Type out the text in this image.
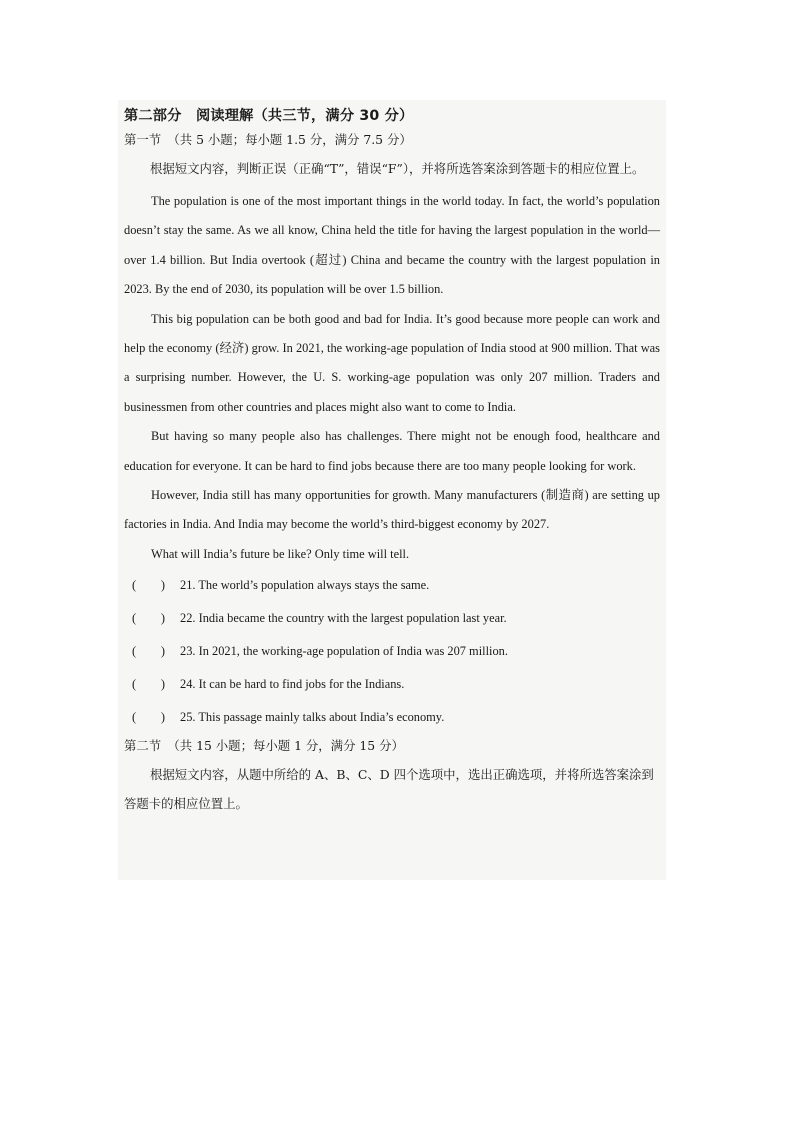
第二部分　阅读理解（共三节，满分 30 分）

第一节　（共 5 小题；每小题 1.5 分，满分 7.5 分）

根据短文内容，判断正误（正确“T”，错误“F”），并将所选答案涂到答题卡的相应位置上。

The population is one of the most important things in the world today. In fact, the world’s population doesn’t stay the same. As we all know, China held the title for having the largest population in the world—over 1.4 billion. But India overtook (超过) China and became the country with the largest population in 2023. By the end of 2030, its population will be over 1.5 billion.

This big population can be both good and bad for India. It’s good because more people can work and help the economy (经济) grow. In 2021, the working-age population of India stood at 900 million. That was a surprising number. However, the U. S. working-age population was only 207 million. Traders and businessmen from other countries and places might also want to come to India.

But having so many people also has challenges. There might not be enough food, healthcare and education for everyone. It can be hard to find jobs because there are too many people looking for work.

However, India still has many opportunities for growth. Many manufacturers (制造商) are setting up factories in India. And India may become the world’s third-biggest economy by 2027.

What will India’s future be like? Only time will tell.

(　　)	21. The world’s population always stays the same.
(　　)	22. India became the country with the largest population last year.
(　　)	23. In 2021, the working-age population of India was 207 million.
(　　)	24. It can be hard to find jobs for the Indians.
(　　)	25. This passage mainly talks about India’s economy.

第二节　（共 15 小题；每小题 1 分，满分 15 分）

根据短文内容，从题中所给的 A、B、C、D 四个选项中，选出正确选项，并将所选答案涂到答题卡的相应位置上。
